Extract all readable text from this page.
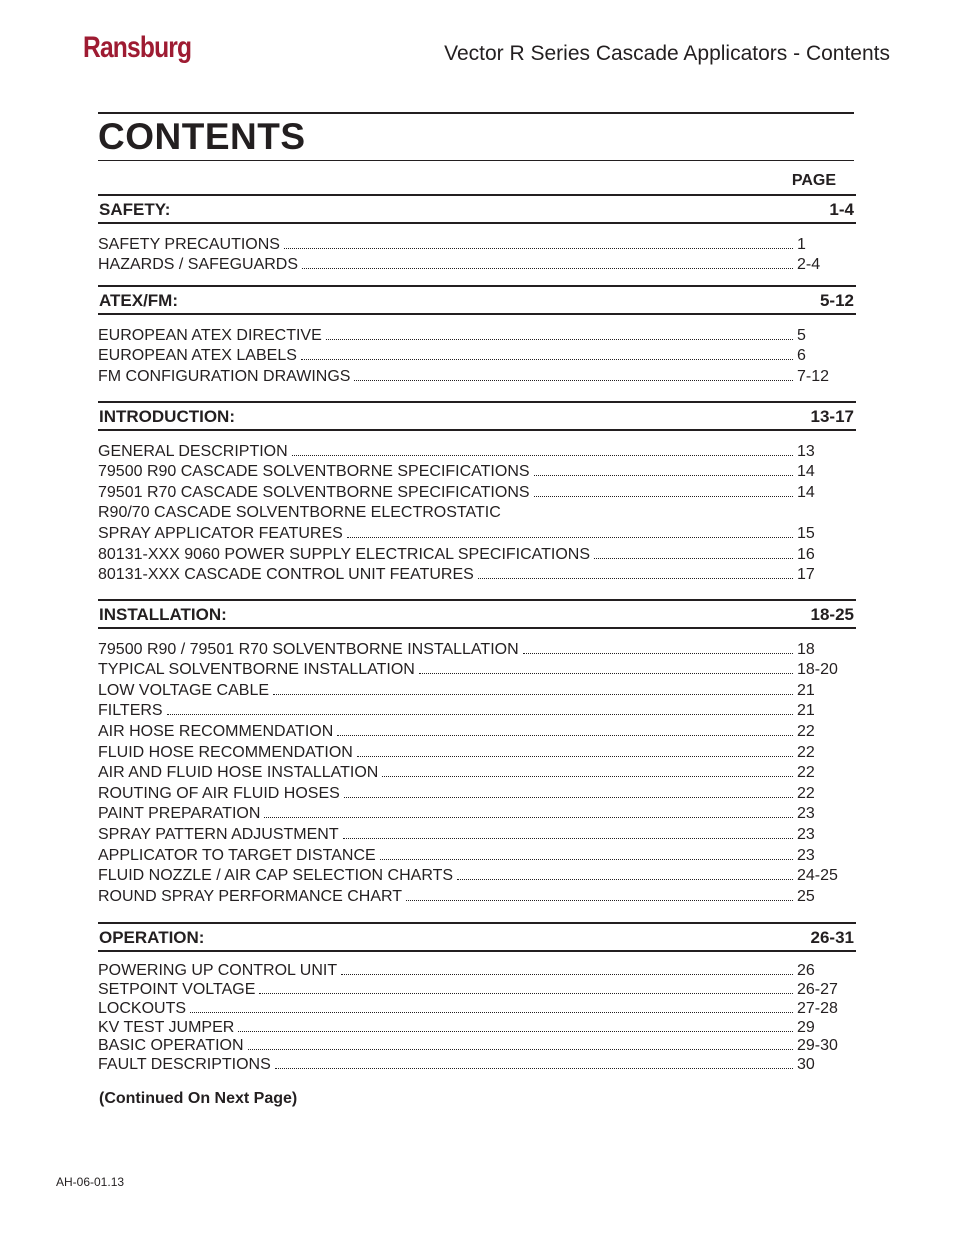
Ransburg	Vector R Series Cascade Applicators - Contents
CONTENTS
PAGE
SAFETY:	1-4
SAFETY PRECAUTIONS	1
HAZARDS / SAFEGUARDS	2-4
ATEX/FM:	5-12
EUROPEAN ATEX DIRECTIVE	5
EUROPEAN ATEX LABELS	6
FM CONFIGURATION DRAWINGS	7-12
INTRODUCTION:	13-17
GENERAL DESCRIPTION	13
79500 R90 CASCADE SOLVENTBORNE SPECIFICATIONS	14
79501 R70 CASCADE SOLVENTBORNE SPECIFICATIONS	14
R90/70 CASCADE SOLVENTBORNE ELECTROSTATIC
SPRAY APPLICATOR FEATURES	15
80131-XXX 9060 POWER SUPPLY ELECTRICAL SPECIFICATIONS	16
80131-XXX CASCADE CONTROL UNIT FEATURES	17
INSTALLATION:	18-25
79500 R90 / 79501 R70 SOLVENTBORNE INSTALLATION	18
TYPICAL SOLVENTBORNE INSTALLATION	18-20
LOW VOLTAGE CABLE	21
FILTERS	21
AIR HOSE RECOMMENDATION	22
FLUID HOSE RECOMMENDATION	22
AIR AND FLUID HOSE INSTALLATION	22
ROUTING OF AIR FLUID HOSES	22
PAINT PREPARATION	23
SPRAY PATTERN ADJUSTMENT	23
APPLICATOR TO TARGET DISTANCE	23
FLUID NOZZLE / AIR CAP SELECTION CHARTS	24-25
ROUND SPRAY PERFORMANCE CHART	25
OPERATION:	26-31
POWERING UP CONTROL UNIT	26
SETPOINT VOLTAGE	26-27
LOCKOUTS	27-28
KV TEST JUMPER	29
BASIC OPERATION	29-30
FAULT DESCRIPTIONS	30
(Continued On Next Page)
AH-06-01.13
